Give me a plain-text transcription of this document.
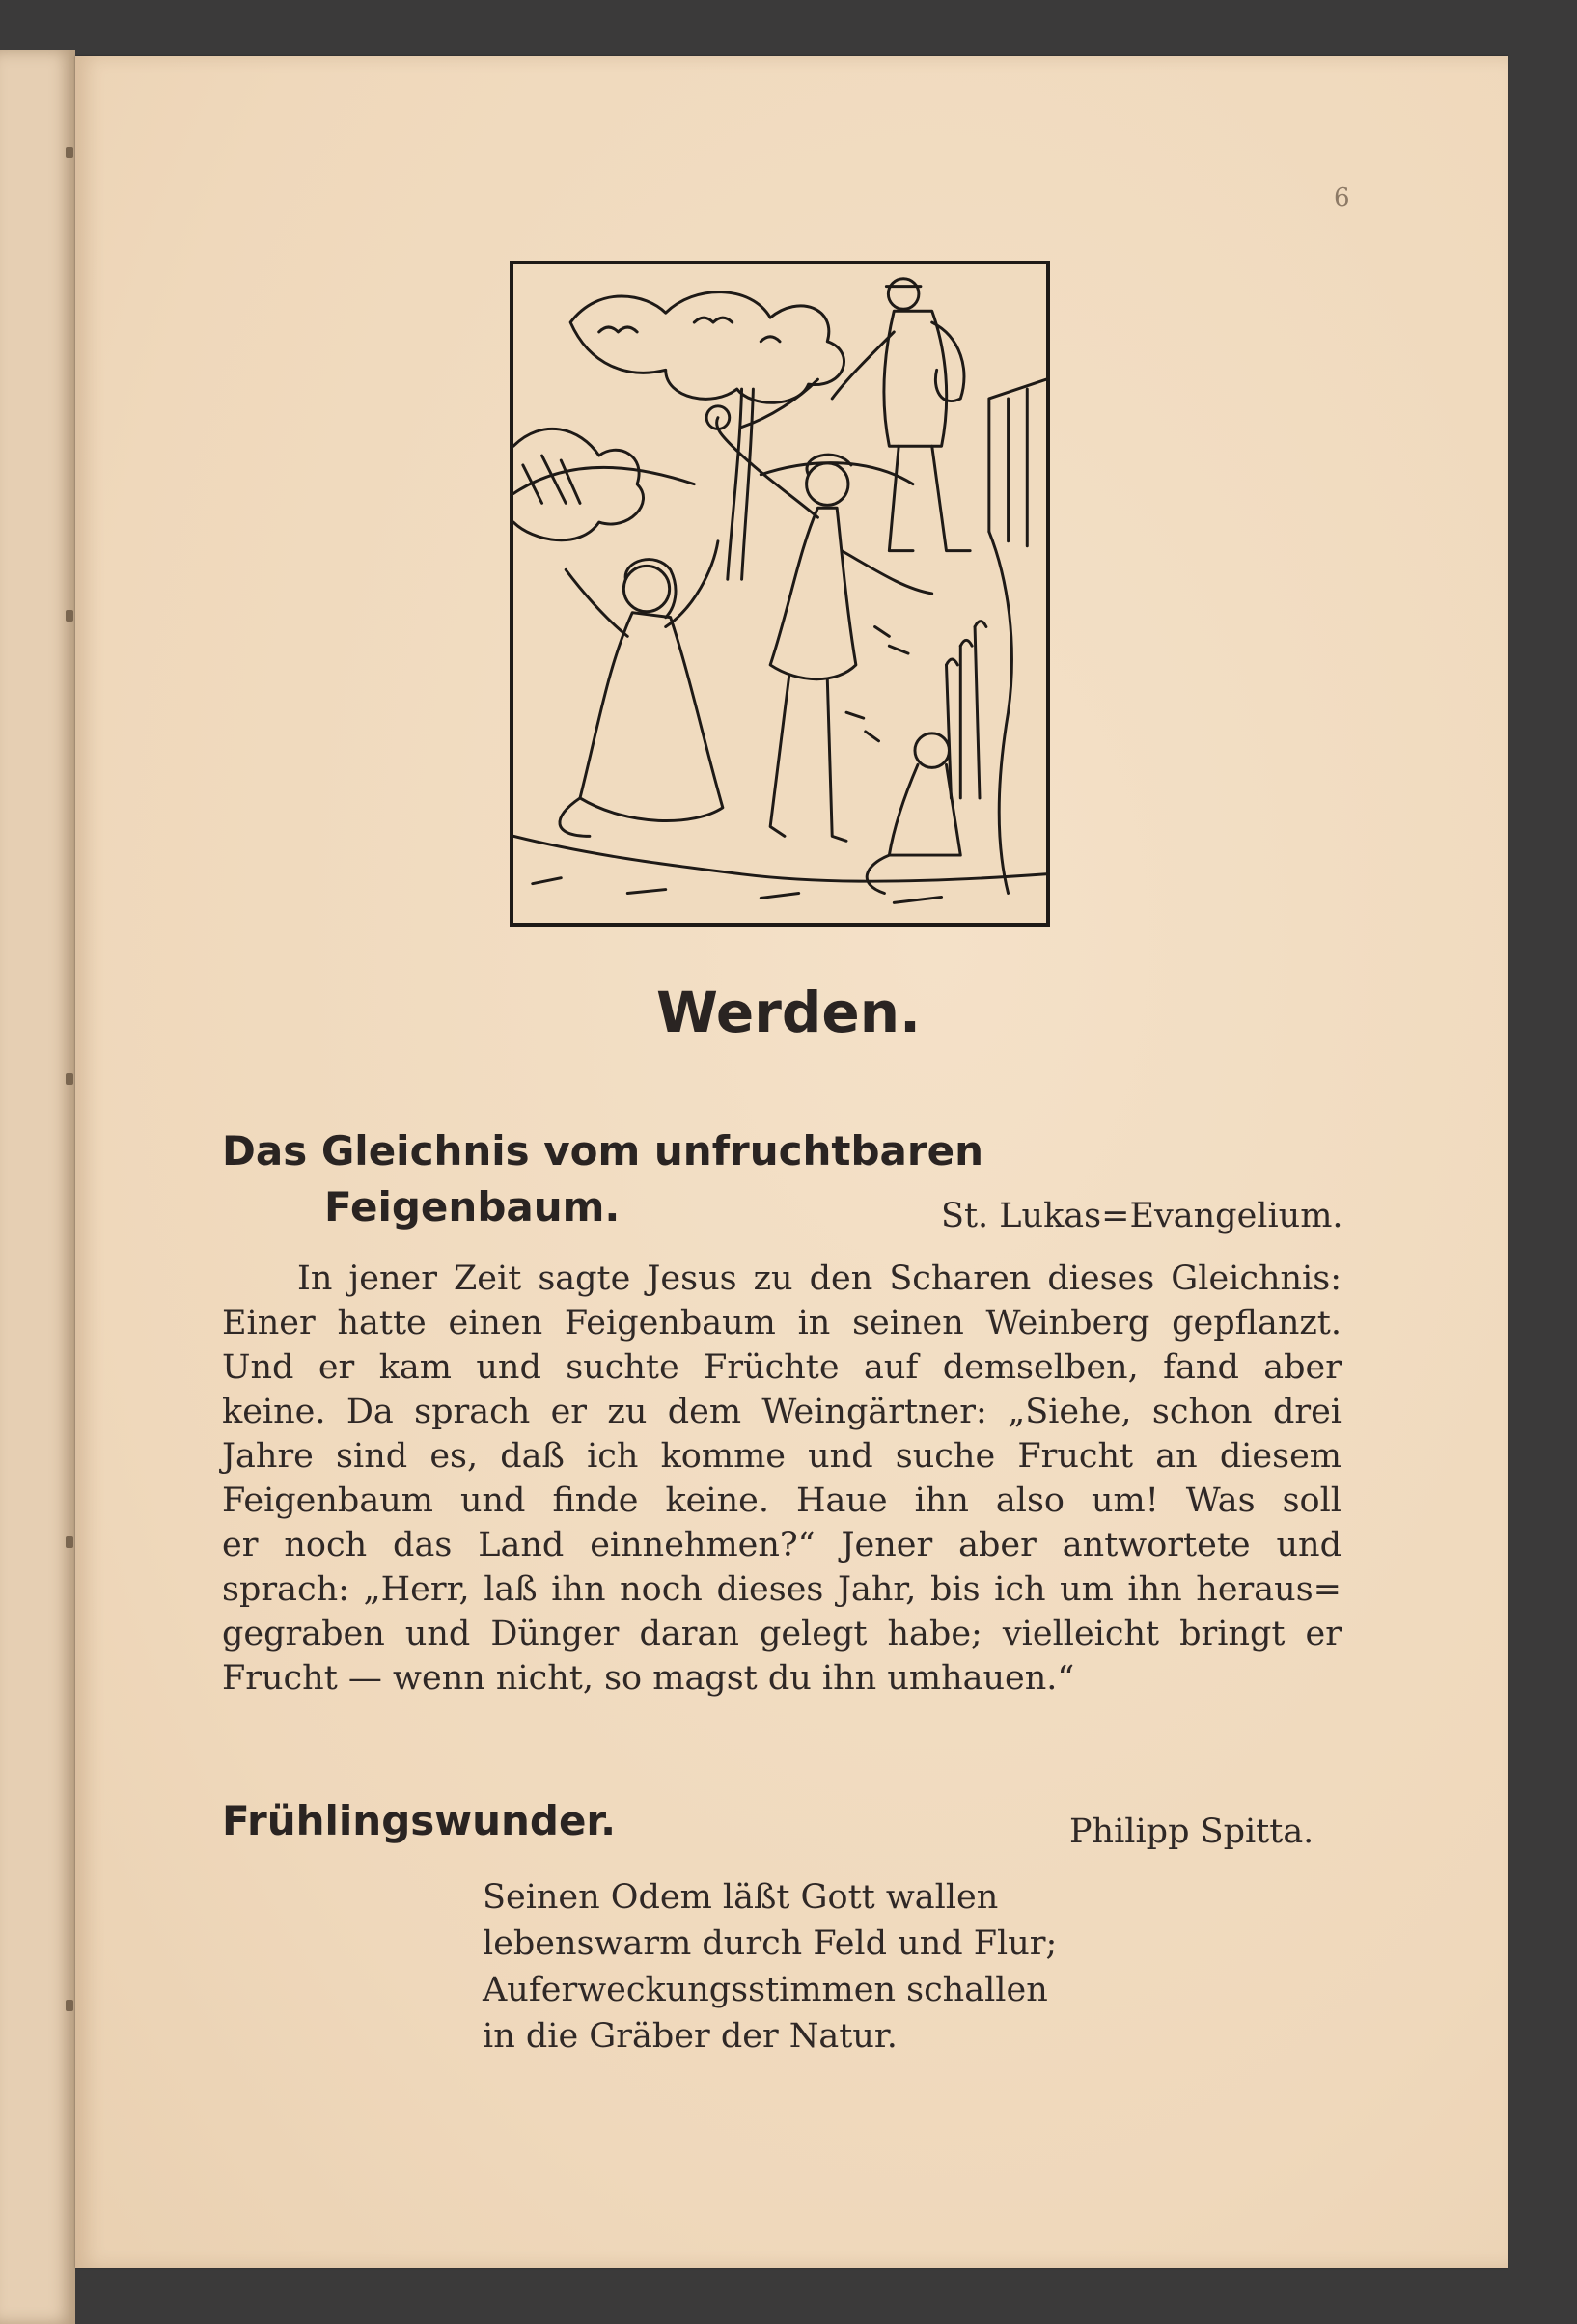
6
Werden.
Das Gleichnis vom unfruchtbaren
Feigenbaum.	St. Lukas=Evangelium.
In jener Zeit sagte Jesus zu den Scharen dieses Gleichnis:
Einer hatte einen Feigenbaum in seinen Weinberg gepflanzt.
Und er kam und suchte Früchte auf demselben, fand aber
keine. Da sprach er zu dem Weingärtner: „Siehe, schon drei
Jahre sind es, daß ich komme und suche Frucht an diesem
Feigenbaum und finde keine. Haue ihn also um! Was soll
er noch das Land einnehmen?“ Jener aber antwortete und
sprach: „Herr, laß ihn noch dieses Jahr, bis ich um ihn heraus=
gegraben und Dünger daran gelegt habe; vielleicht bringt er
Frucht — wenn nicht, so magst du ihn umhauen.“
Frühlingswunder.	Philipp Spitta.
Seinen Odem läßt Gott wallen
lebenswarm durch Feld und Flur;
Auferweckungsstimmen schallen
in die Gräber der Natur.
